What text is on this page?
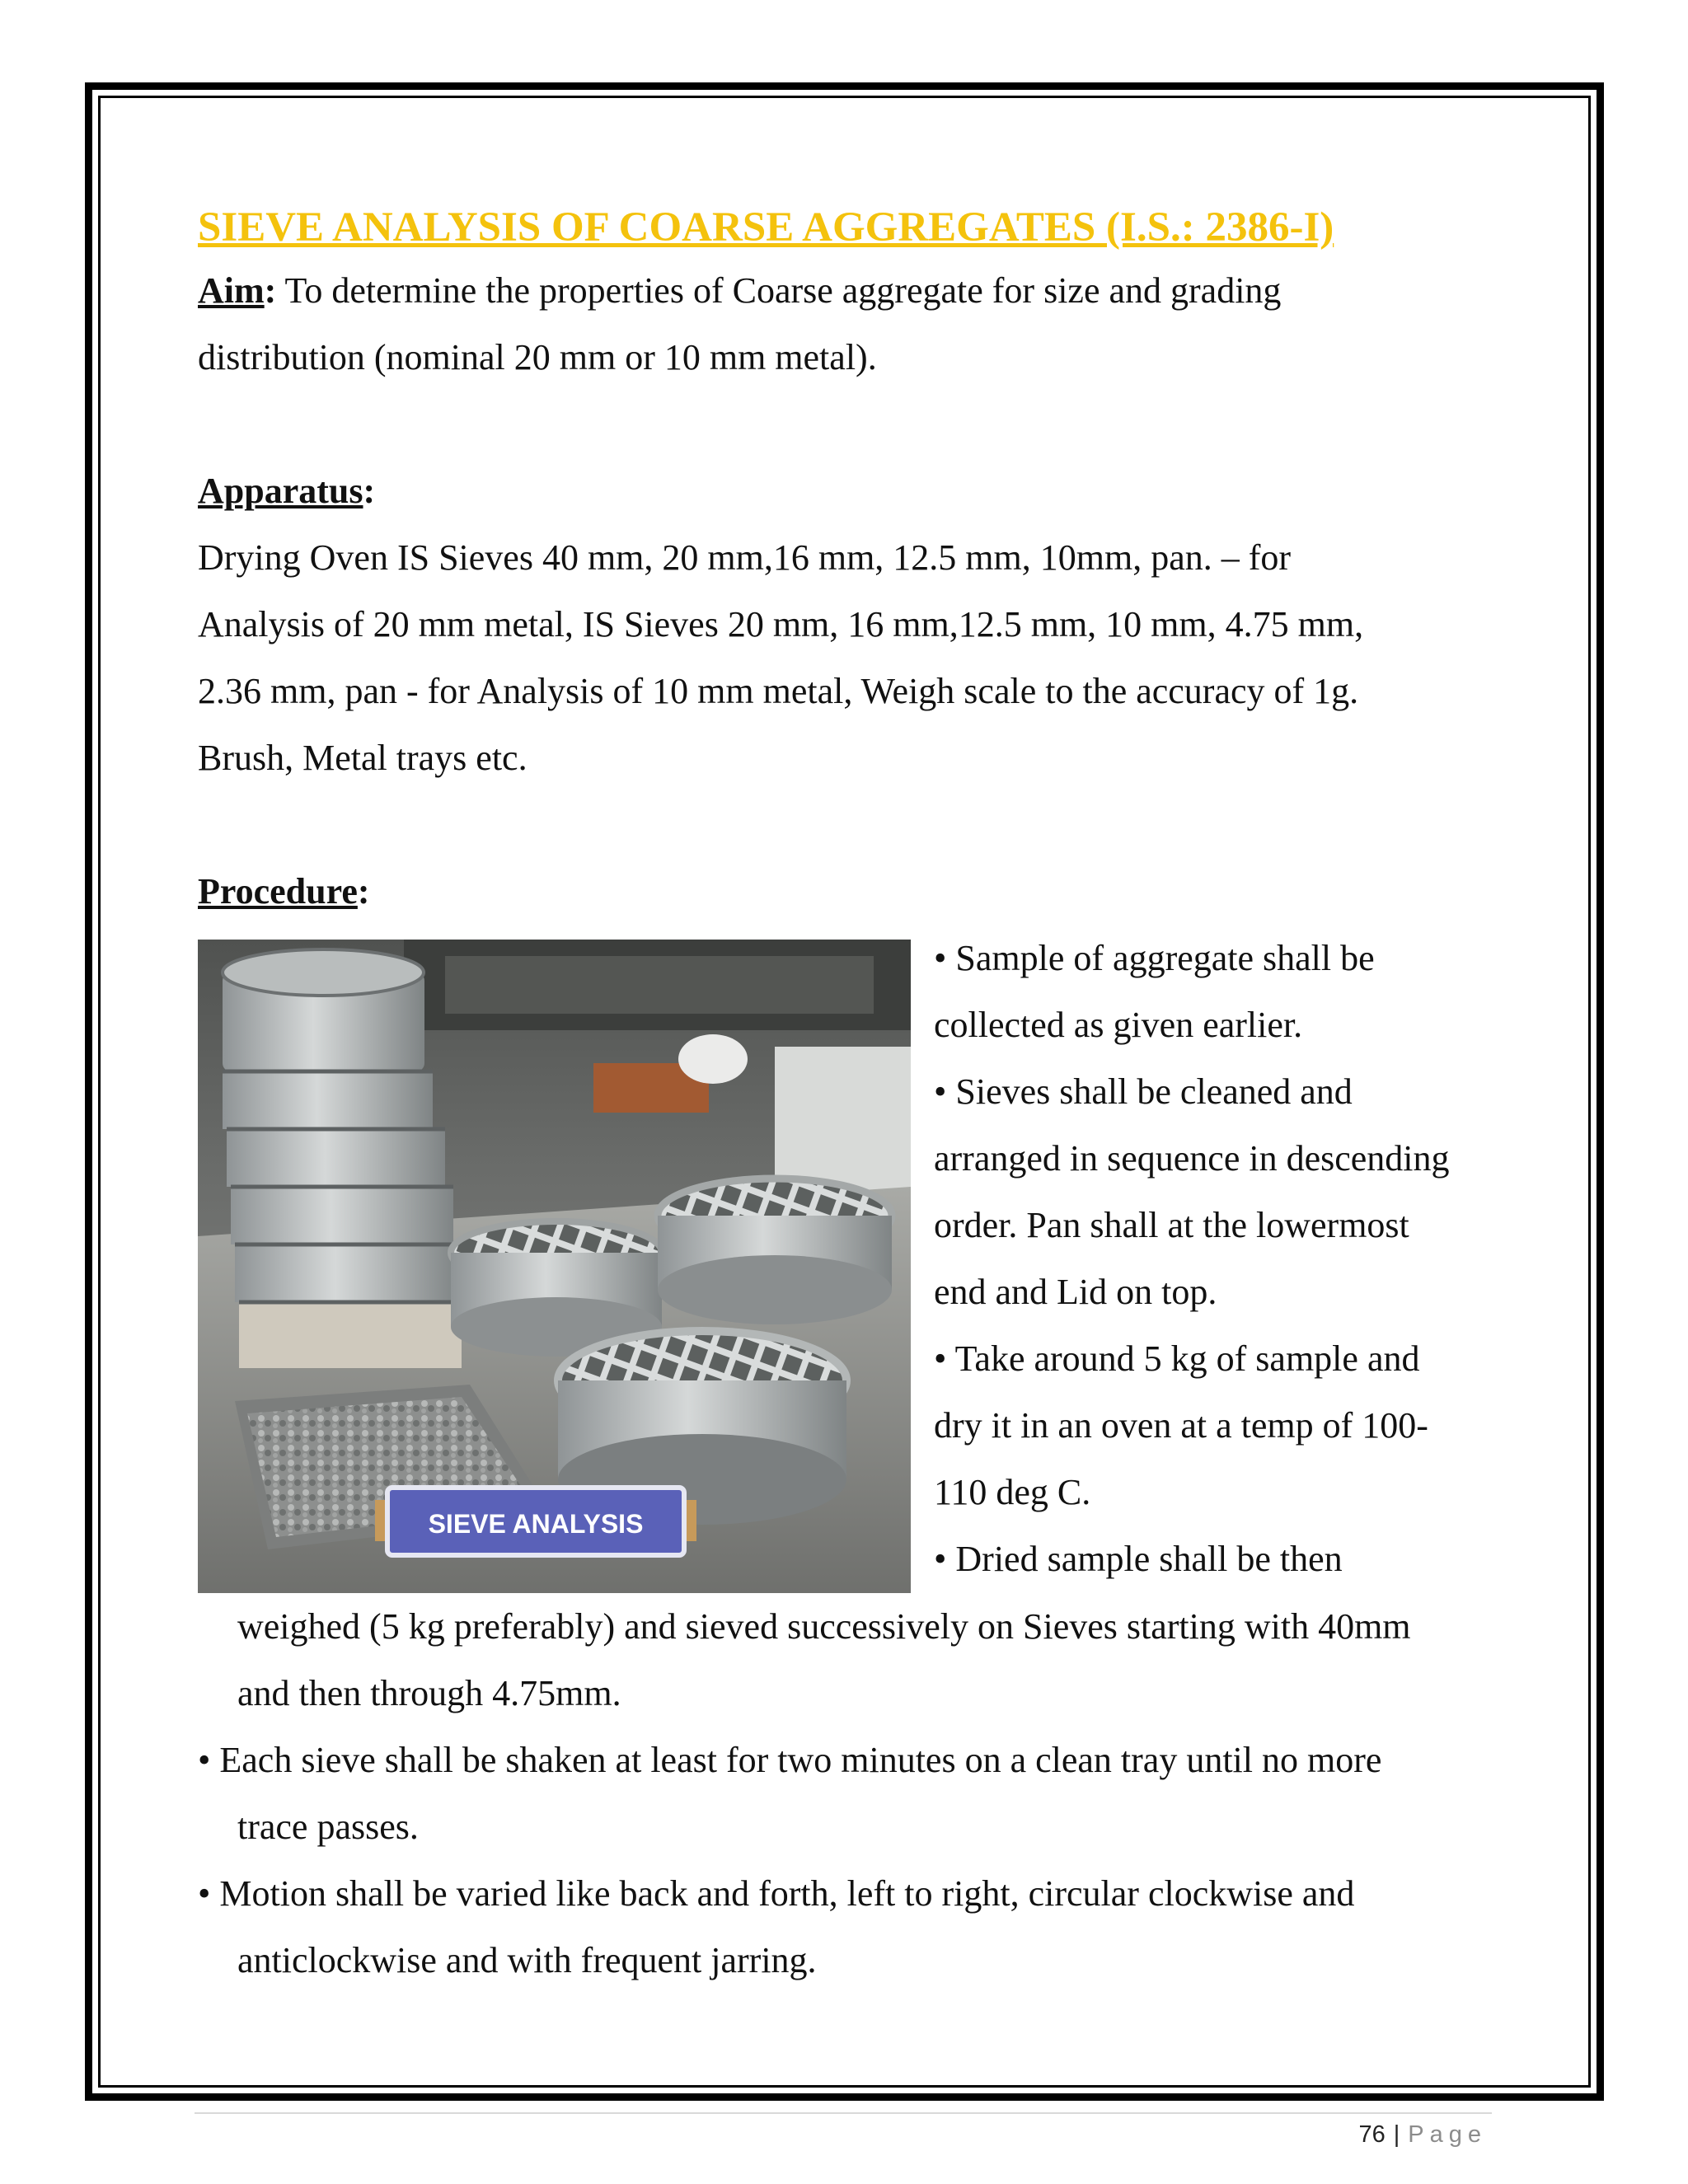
SIEVE ANALYSIS OF COARSE AGGREGATES (I.S.: 2386-I)

Aim: To determine the properties of Coarse aggregate for size and grading

distribution (nominal 20 mm or 10 mm metal).

Apparatus:

Drying Oven IS Sieves 40 mm, 20 mm,16 mm, 12.5 mm, 10mm, pan. – for

Analysis of 20 mm metal, IS Sieves 20 mm, 16 mm,12.5 mm, 10 mm, 4.75 mm,

2.36 mm, pan - for Analysis of 10 mm metal, Weigh scale to the accuracy of 1g.

Brush, Metal trays etc.

Procedure:

SIEVE ANALYSIS

• Sample of aggregate shall be

collected as given earlier.

• Sieves shall be cleaned and

arranged in sequence in descending

order. Pan shall at the lowermost

end and Lid on top.

• Take around 5 kg of sample and

dry it in an oven at a temp of 100-

110 deg C.

• Dried sample shall be then

weighed (5 kg preferably) and sieved successively on Sieves starting with 40mm

and then through 4.75mm.

• Each sieve shall be shaken at least for two minutes on a clean tray until no more

trace passes.

• Motion shall be varied like back and forth, left to right, circular clockwise and

anticlockwise and with frequent jarring.

76 | Page
